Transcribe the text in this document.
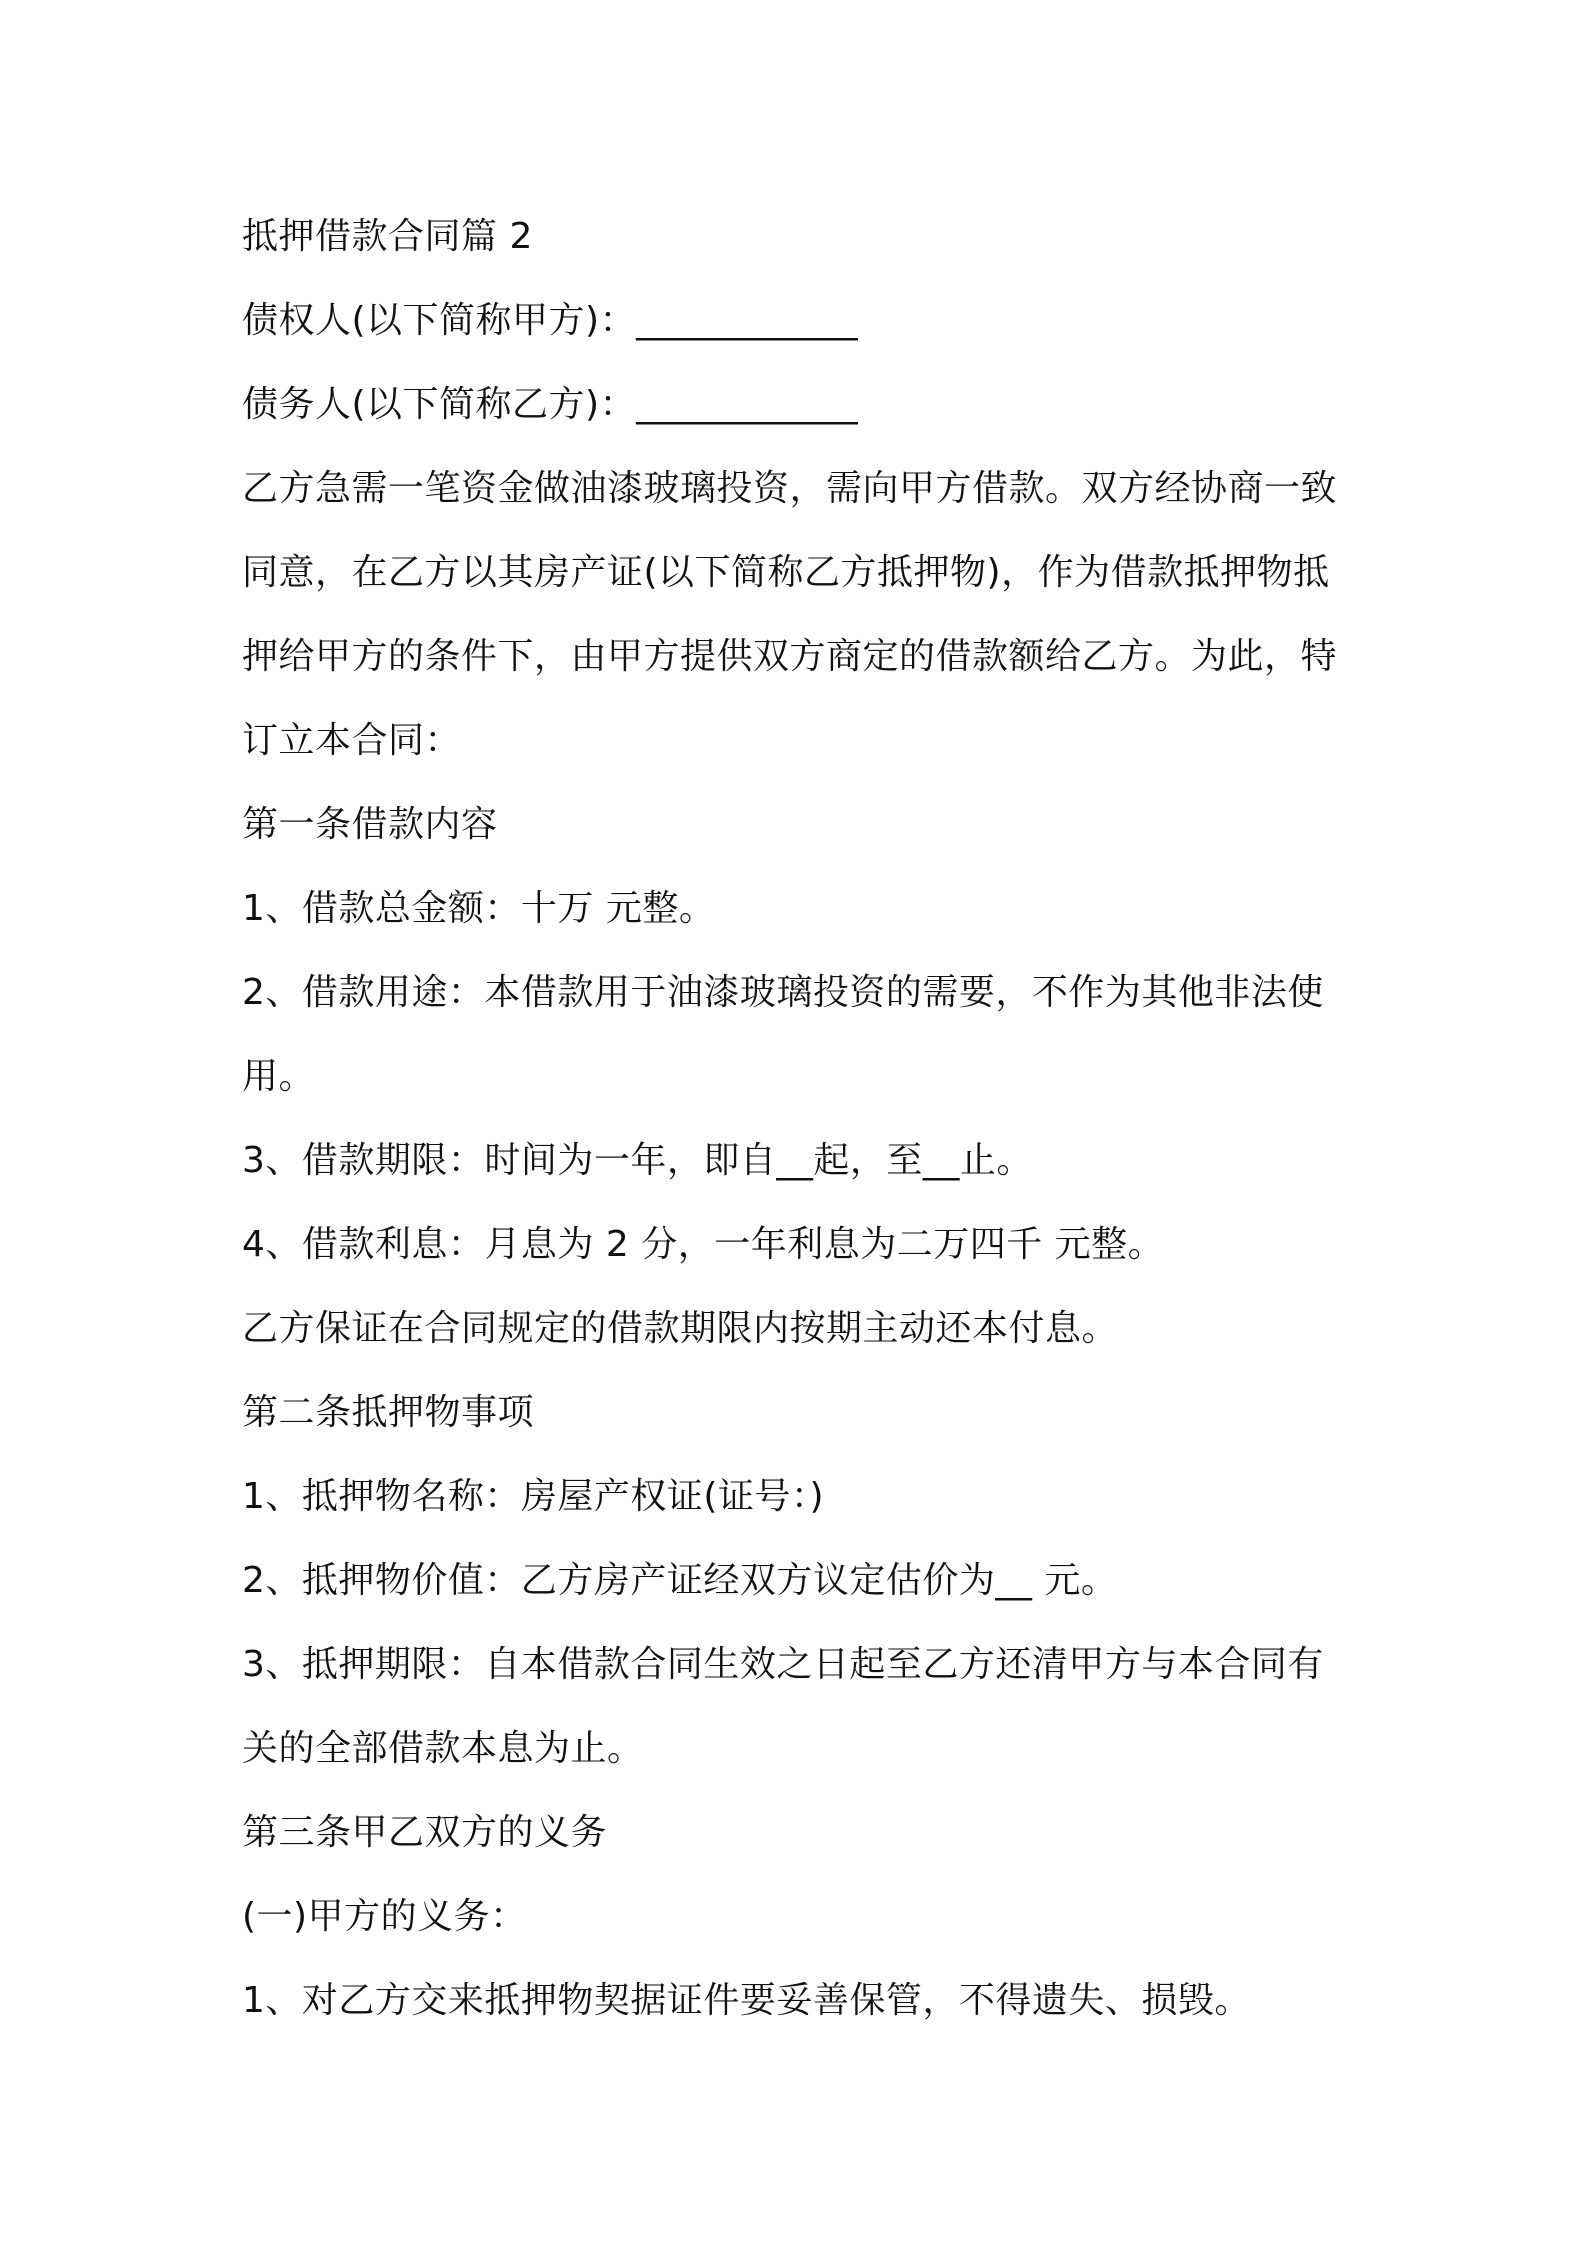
抵押借款合同篇 2
债权人(以下简称甲方)：____________
债务人(以下简称乙方)：____________
乙方急需一笔资金做油漆玻璃投资，需向甲方借款。双方经协商一致
同意，在乙方以其房产证(以下简称乙方抵押物)，作为借款抵押物抵
押给甲方的条件下，由甲方提供双方商定的借款额给乙方。为此，特
订立本合同：
第一条借款内容
1、借款总金额：十万 元整。
2、借款用途：本借款用于油漆玻璃投资的需要，不作为其他非法使
用。
3、借款期限：时间为一年，即自__起，至__止。
4、借款利息：月息为 2 分，一年利息为二万四千 元整。
乙方保证在合同规定的借款期限内按期主动还本付息。
第二条抵押物事项
1、抵押物名称：房屋产权证(证号：)
2、抵押物价值：乙方房产证经双方议定估价为__ 元。
3、抵押期限：自本借款合同生效之日起至乙方还清甲方与本合同有
关的全部借款本息为止。
第三条甲乙双方的义务
(一)甲方的义务：
1、对乙方交来抵押物契据证件要妥善保管，不得遗失、损毁。
